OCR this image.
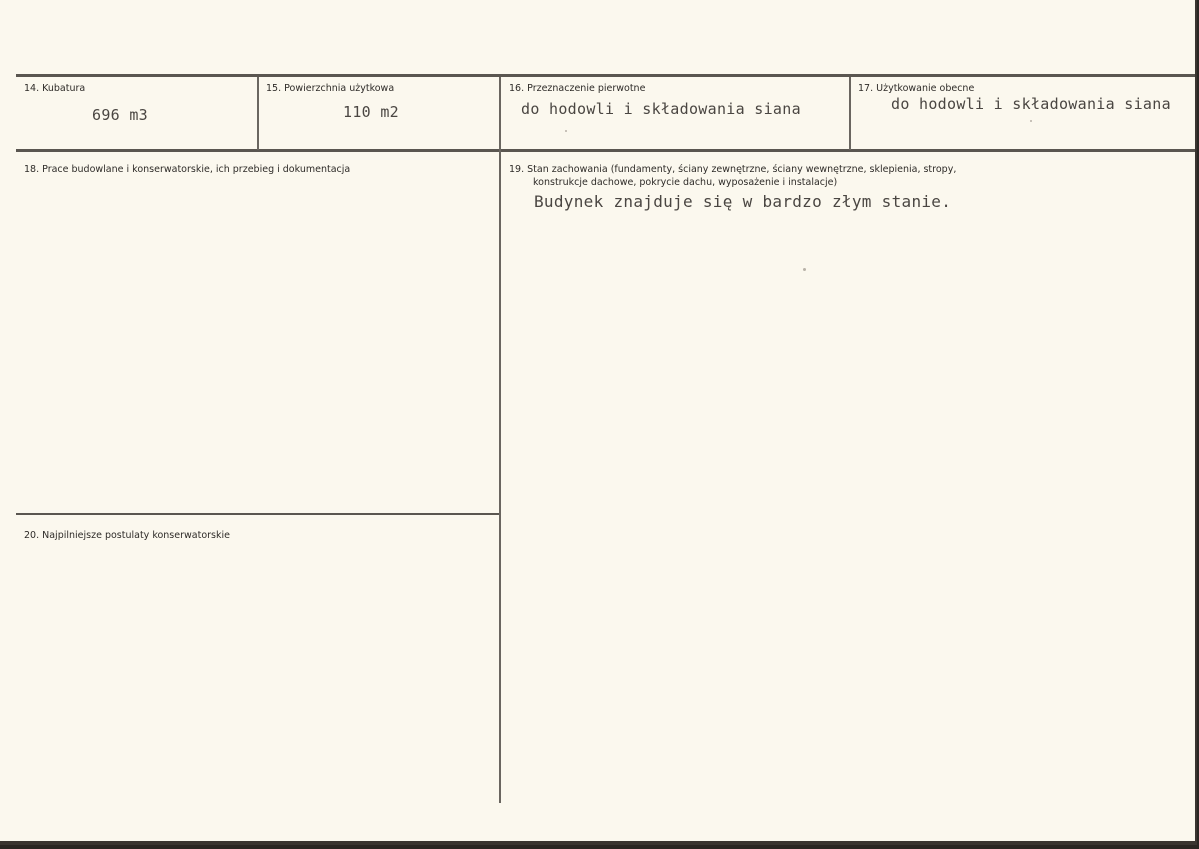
14. Kubatura
696 m3
15. Powierzchnia użytkowa
110 m2
16. Przeznaczenie pierwotne
do hodowli i składowania siana
17. Użytkowanie obecne
do hodowli i składowania siana
18. Prace budowlane i konserwatorskie, ich przebieg i dokumentacja	19. Stan zachowania (fundamenty, ściany zewnętrzne, ściany wewnętrzne, sklepienia, stropy,
konstrukcje dachowe, pokrycie dachu, wyposażenie i instalacje)
Budynek znajduje się w bardzo złym stanie.
20. Najpilniejsze postulaty konserwatorskie
